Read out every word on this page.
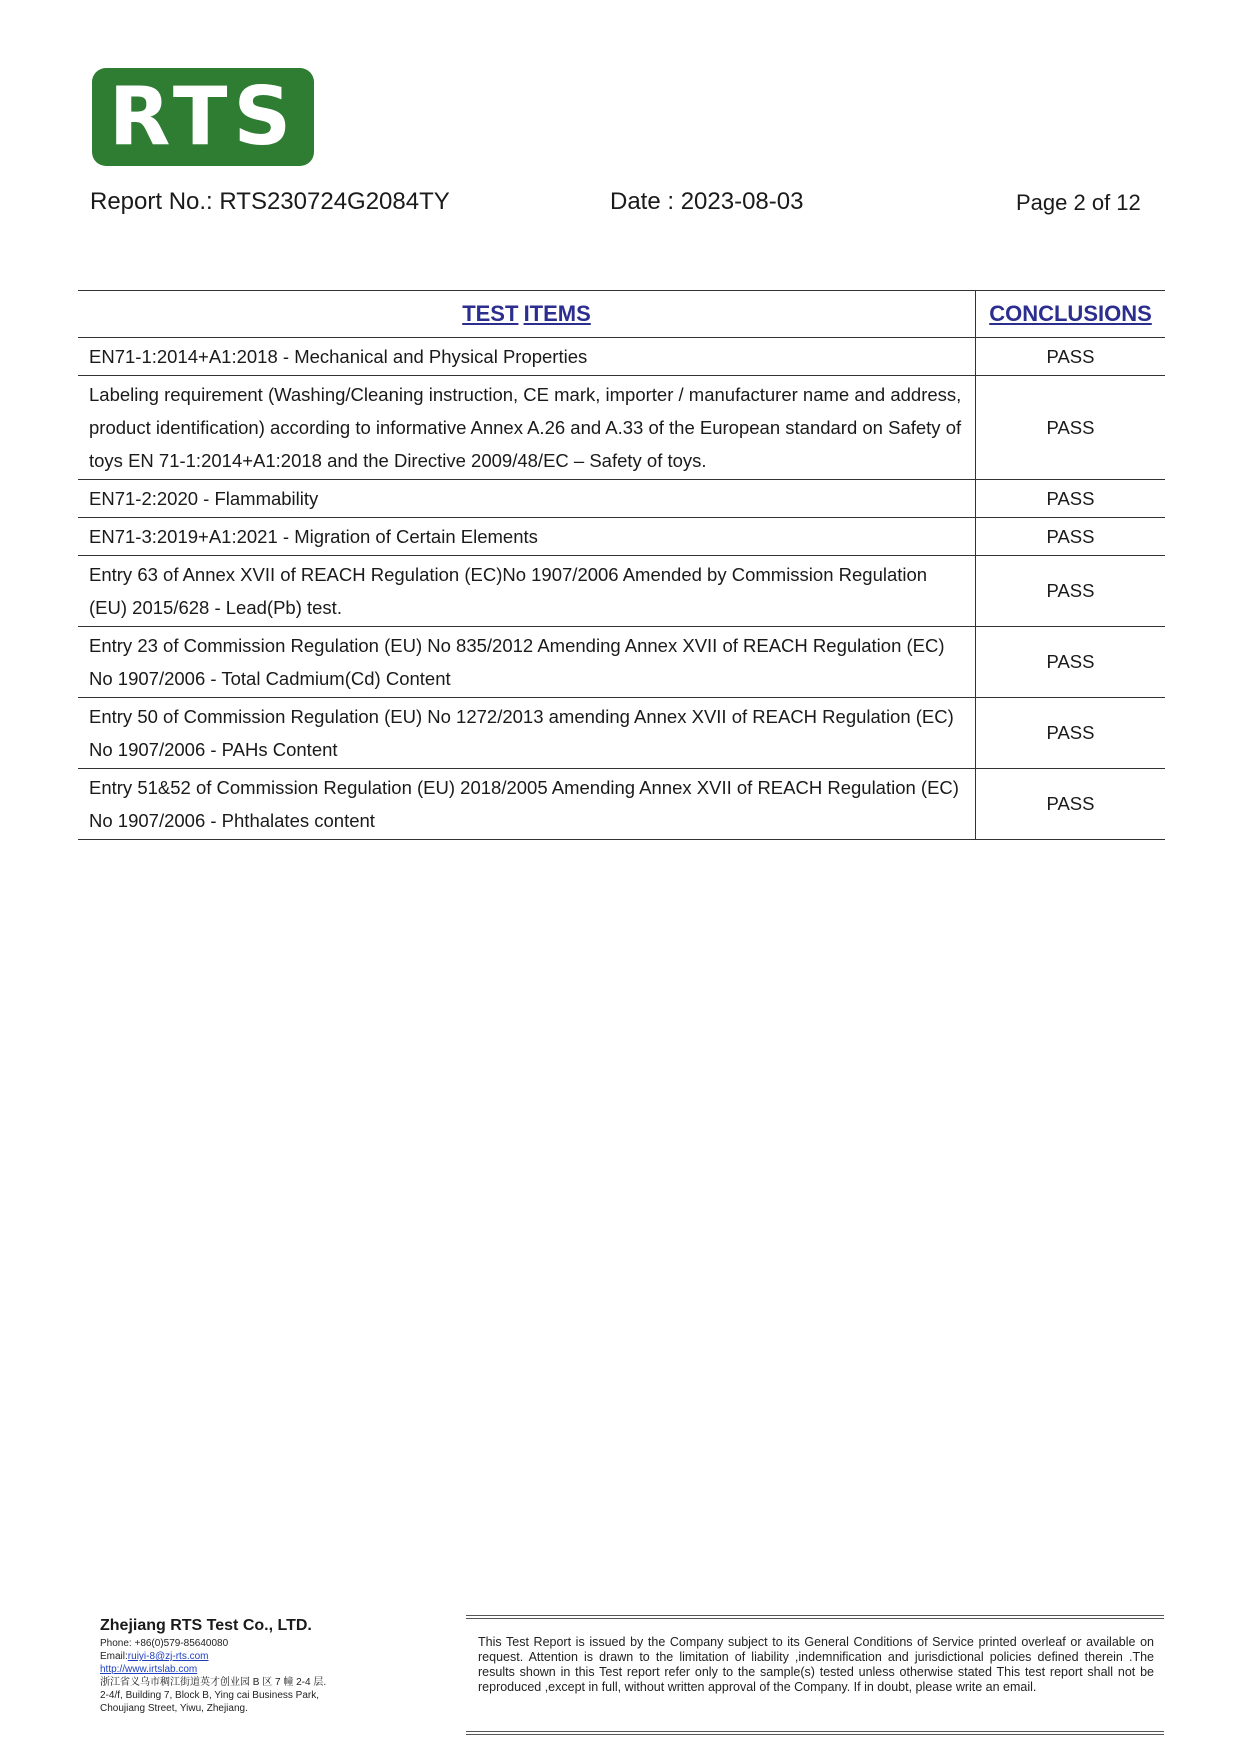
RTS
Report No.: RTS230724G2084TY	Date : 2023-08-03	Page 2 of 12
TEST ITEMS	CONCLUSIONS
EN71-1:2014+A1:2018 - Mechanical and Physical Properties	PASS
Labeling requirement (Washing/Cleaning instruction, CE mark, importer / manufacturer name and address, product identification) according to informative Annex A.26 and A.33 of the European standard on Safety of toys EN 71-1:2014+A1:2018 and the Directive 2009/48/EC – Safety of toys.	PASS
EN71-2:2020 - Flammability	PASS
EN71-3:2019+A1:2021 - Migration of Certain Elements	PASS
Entry 63 of Annex XVII of REACH Regulation (EC)No 1907/2006 Amended by Commission Regulation (EU) 2015/628 - Lead(Pb) test.	PASS
Entry 23 of Commission Regulation (EU) No 835/2012 Amending Annex XVII of REACH Regulation (EC) No 1907/2006 - Total Cadmium(Cd) Content	PASS
Entry 50 of Commission Regulation (EU) No 1272/2013 amending Annex XVII of REACH Regulation (EC) No 1907/2006 - PAHs Content	PASS
Entry 51&52 of Commission Regulation (EU) 2018/2005 Amending Annex XVII of REACH Regulation (EC) No 1907/2006 - Phthalates content	PASS
Zhejiang RTS Test Co., LTD.
Phone: +86(0)579-85640080
Email:ruiyi-8@zj-rts.com
http://www.irtslab.com
浙江省义乌市稠江街道英才创业园 B 区 7 幢 2-4 层.
2-4/f, Building 7, Block B, Ying cai Business Park,
Choujiang Street, Yiwu, Zhejiang.
This Test Report is issued by the Company subject to its General Conditions of Service printed overleaf or available on request. Attention is drawn to the limitation of liability ,indemnification and jurisdictional policies defined therein .The results shown in this Test report refer only to the sample(s) tested unless otherwise stated This test report shall not be reproduced ,except in full, without written approval of the Company. If in doubt, please write an email.
